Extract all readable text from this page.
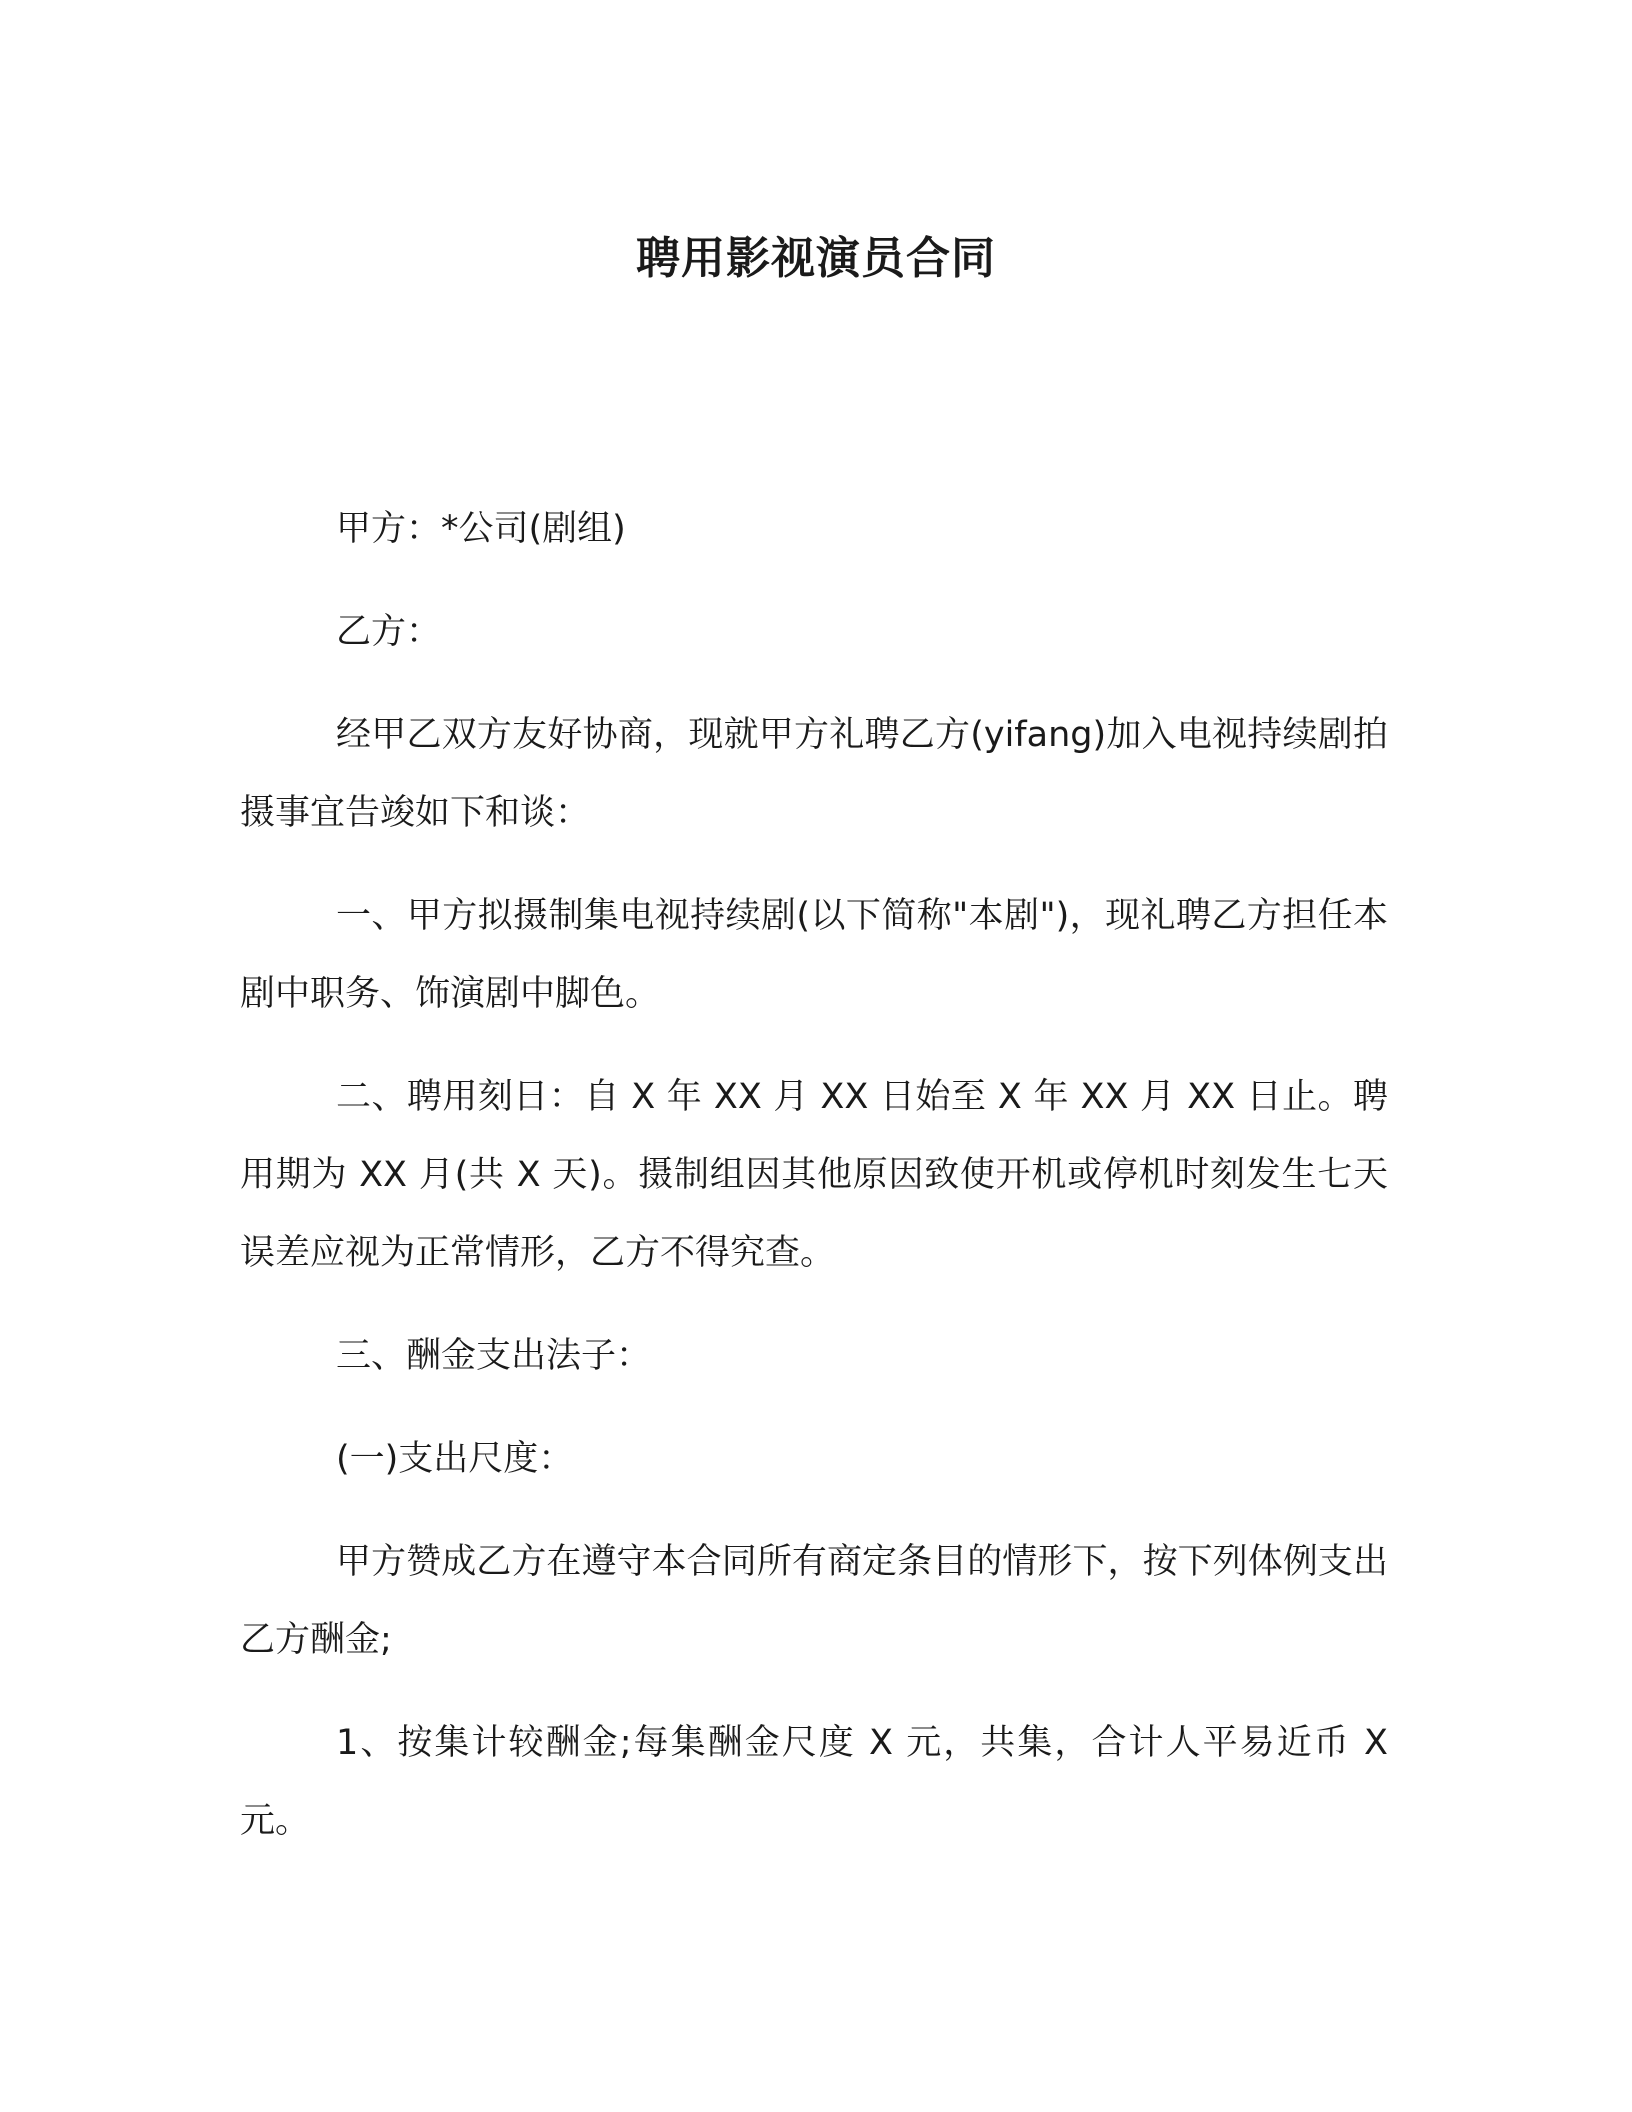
聘用影视演员合同

甲方：*公司(剧组)

乙方：

经甲乙双方友好协商，现就甲方礼聘乙方(yifang)加入电视持续剧拍摄事宜告竣如下和谈：

一、甲方拟摄制集电视持续剧(以下简称"本剧")，现礼聘乙方担任本剧中职务、饰演剧中脚色。

二、聘用刻日：自 X 年 XX 月 XX 日始至 X 年 XX 月 XX 日止。聘用期为 XX 月(共 X 天)。摄制组因其他原因致使开机或停机时刻发生七天误差应视为正常情形，乙方不得究查。

三、酬金支出法子：

(一)支出尺度：

甲方赞成乙方在遵守本合同所有商定条目的情形下，按下列体例支出乙方酬金;

1、按集计较酬金;每集酬金尺度 X 元，共集，合计人平易近币 X 元。
